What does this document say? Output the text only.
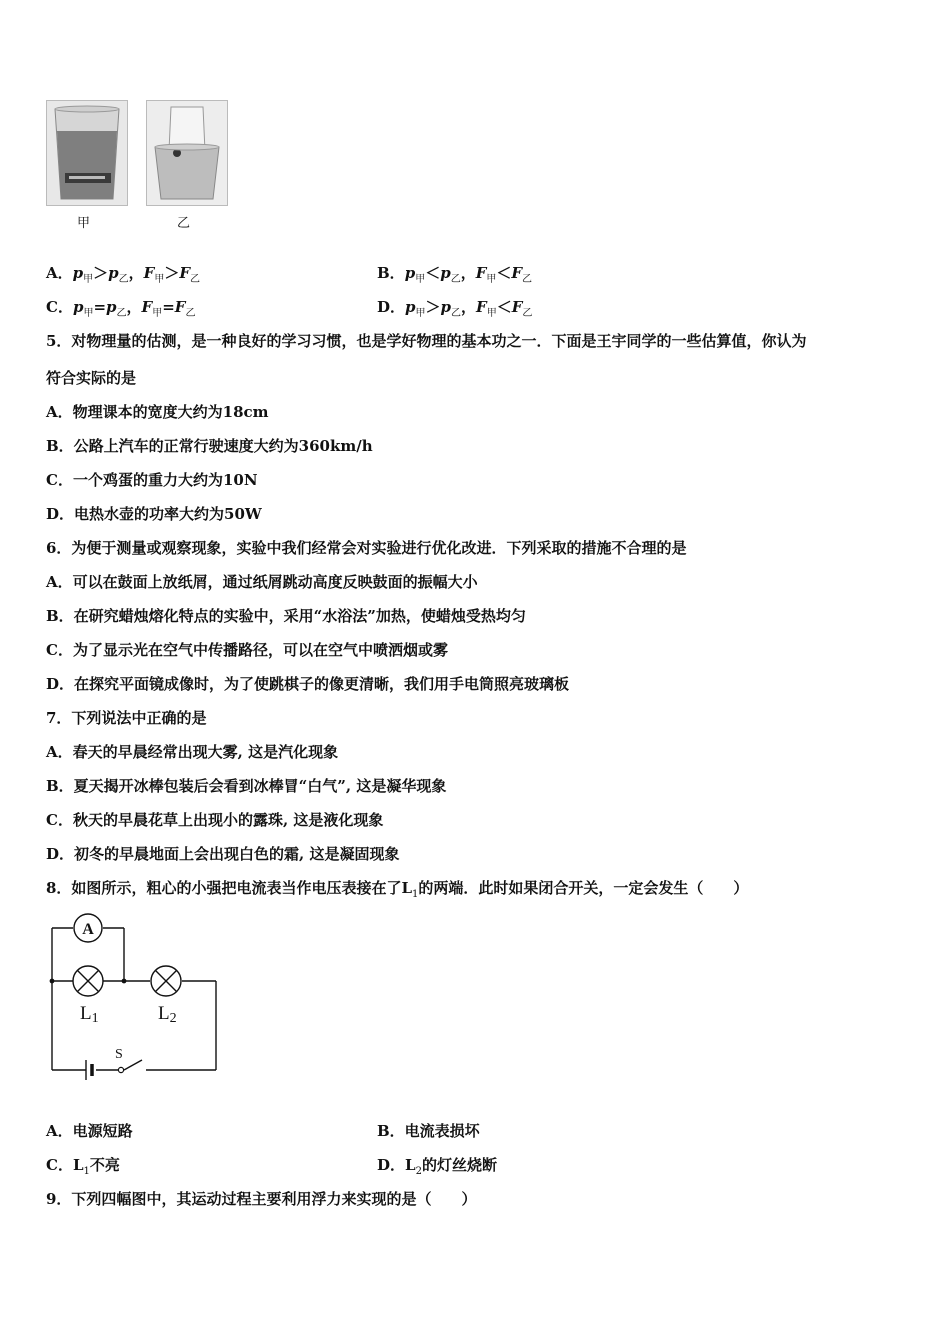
甲	乙
A．$p_甲>p_乙$，$F_甲>F_乙$	B．$p_甲<p_乙$，$F_甲<F_乙$
C．$p_甲=p_乙$，$F_甲=F_乙$	D．$p_甲>p_乙$，$F_甲<F_乙$
5．对物理量的估测，是一种良好的学习习惯，也是学好物理的基本功之一．下面是王宇同学的一些估算值，你认为
符合实际的是
A．物理课本的宽度大约为18cm
B．公路上汽车的正常行驶速度大约为360km/h
C．一个鸡蛋的重力大约为10N
D．电热水壶的功率大约为50W
6．为便于测量或观察现象，实验中我们经常会对实验进行优化改进．下列采取的措施不合理的是
A．可以在鼓面上放纸屑，通过纸屑跳动高度反映鼓面的振幅大小
B．在研究蜡烛熔化特点的实验中，采用“水浴法”加热，使蜡烛受热均匀
C．为了显示光在空气中传播路径，可以在空气中喷洒烟或雾
D．在探究平面镜成像时，为了使跳棋子的像更清晰，我们用手电筒照亮玻璃板
7．下列说法中正确的是
A．春天的早晨经常出现大雾, 这是汽化现象
B．夏天揭开冰棒包装后会看到冰棒冒“白气”, 这是凝华现象
C．秋天的早晨花草上出现小的露珠, 这是液化现象
D．初冬的早晨地面上会出现白色的霜, 这是凝固现象
8．如图所示，粗心的小强把电流表当作电压表接在了$L_1$的两端．此时如果闭合开关，一定会发生（　　）
A
L1	L2
S
A．电源短路	B．电流表损坏
C．$L_1$不亮	D．$L_2$的灯丝烧断
9．下列四幅图中，其运动过程主要利用浮力来实现的是（　　）
